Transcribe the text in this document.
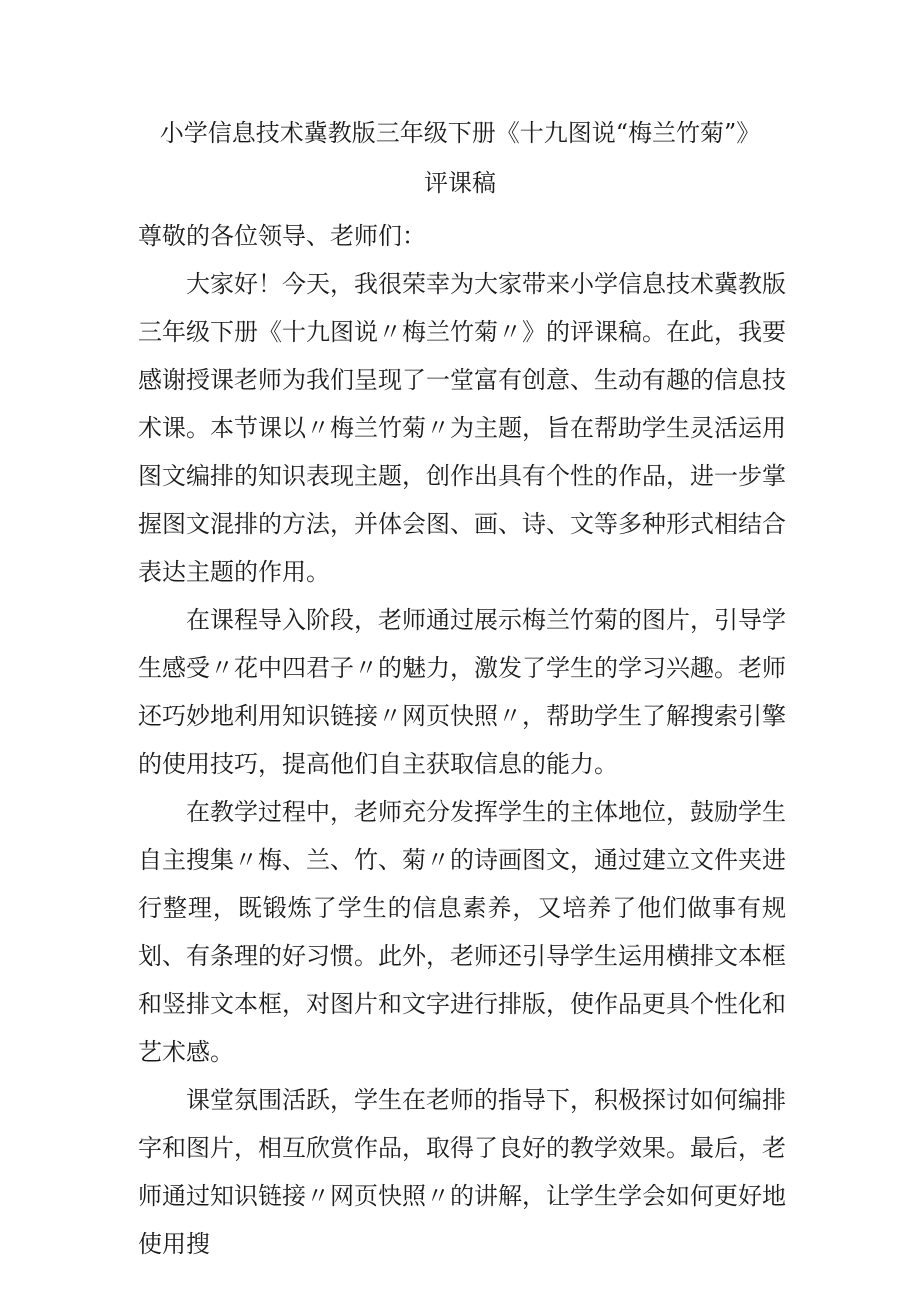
小学信息技术冀教版三年级下册《十九图说“梅兰竹菊”》
评课稿

尊敬的各位领导、老师们：

大家好！今天，我很荣幸为大家带来小学信息技术冀教版三年级下册《十九图说〃梅兰竹菊〃》的评课稿。在此，我要感谢授课老师为我们呈现了一堂富有创意、生动有趣的信息技术课。本节课以〃梅兰竹菊〃为主题，旨在帮助学生灵活运用图文编排的知识表现主题，创作出具有个性的作品，进一步掌握图文混排的方法，并体会图、画、诗、文等多种形式相结合表达主题的作用。

在课程导入阶段，老师通过展示梅兰竹菊的图片，引导学生感受〃花中四君子〃的魅力，激发了学生的学习兴趣。老师还巧妙地利用知识链接〃网页快照〃，帮助学生了解搜索引擎的使用技巧，提高他们自主获取信息的能力。

在教学过程中，老师充分发挥学生的主体地位，鼓励学生自主搜集〃梅、兰、竹、菊〃的诗画图文，通过建立文件夹进行整理，既锻炼了学生的信息素养，又培养了他们做事有规划、有条理的好习惯。此外，老师还引导学生运用横排文本框和竖排文本框，对图片和文字进行排版，使作品更具个性化和艺术感。

课堂氛围活跃，学生在老师的指导下，积极探讨如何编排字和图片，相互欣赏作品，取得了良好的教学效果。最后，老师通过知识链接〃网页快照〃的讲解，让学生学会如何更好地使用搜
